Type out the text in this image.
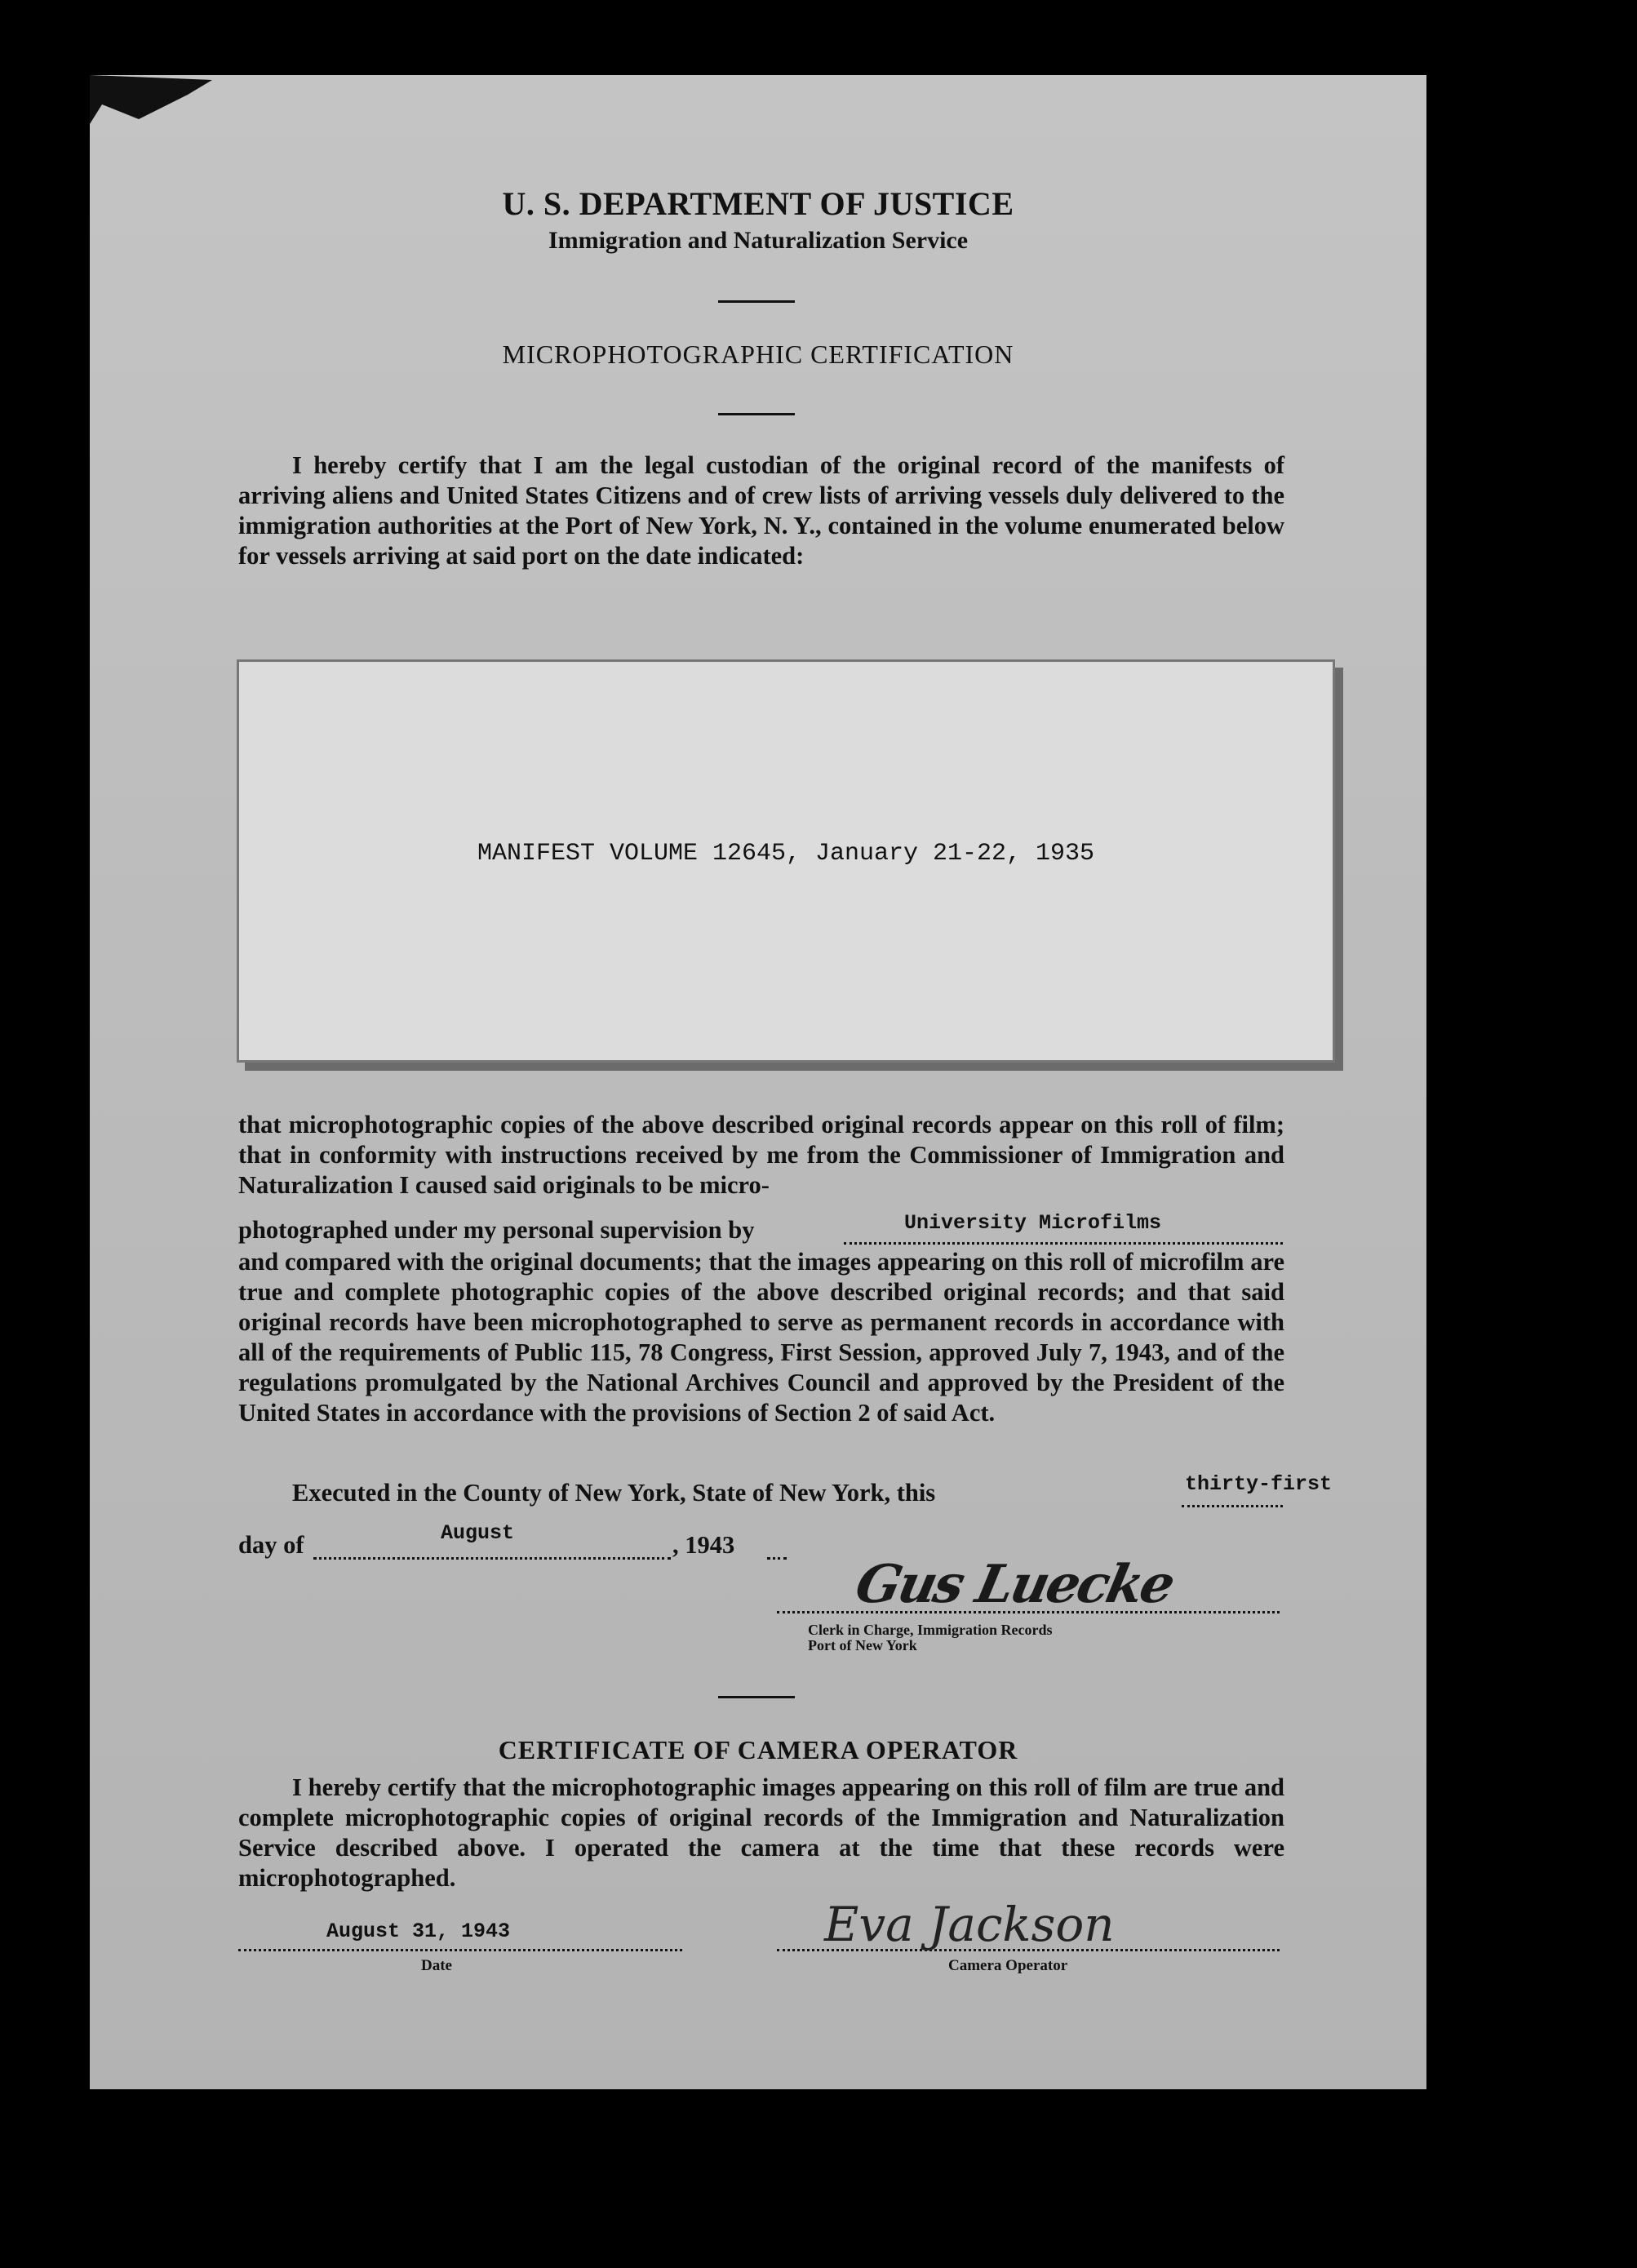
U. S. DEPARTMENT OF JUSTICE
Immigration and Naturalization Service
MICROPHOTOGRAPHIC CERTIFICATION
I hereby certify that I am the legal custodian of the original record of the manifests of arriving aliens and United States Citizens and of crew lists of arriving vessels duly delivered to the immigration authorities at the Port of New York, N. Y., contained in the volume enumerated below for vessels arriving at said port on the date indicated:
MANIFEST VOLUME 12645, January 21-22, 1935
that microphotographic copies of the above described original records appear on this roll of film; that in conformity with instructions received by me from the Commissioner of Immigration and Naturalization I caused said originals to be micro-
photographed under my personal supervision by	University Microfilms
and compared with the original documents; that the images appearing on this roll of microfilm are true and complete photographic copies of the above described original records; and that said original records have been microphotographed to serve as permanent records in accordance with all of the requirements of Public 115, 78 Congress, First Session, approved July 7, 1943, and of the regulations promulgated by the National Archives Council and approved by the President of the United States in accordance with the provisions of Section 2 of said Act.
Executed in the County of New York, State of New York, this	thirty-first
day of	August	, 1943
Gus Luecke
Clerk in Charge, Immigration Records
Port of New York
CERTIFICATE OF CAMERA OPERATOR
I hereby certify that the microphotographic images appearing on this roll of film are true and complete microphotographic copies of original records of the Immigration and Naturalization Service described above. I operated the camera at the time that these records were microphotographed.
August 31, 1943
Date
Eva Jackson
Camera Operator
